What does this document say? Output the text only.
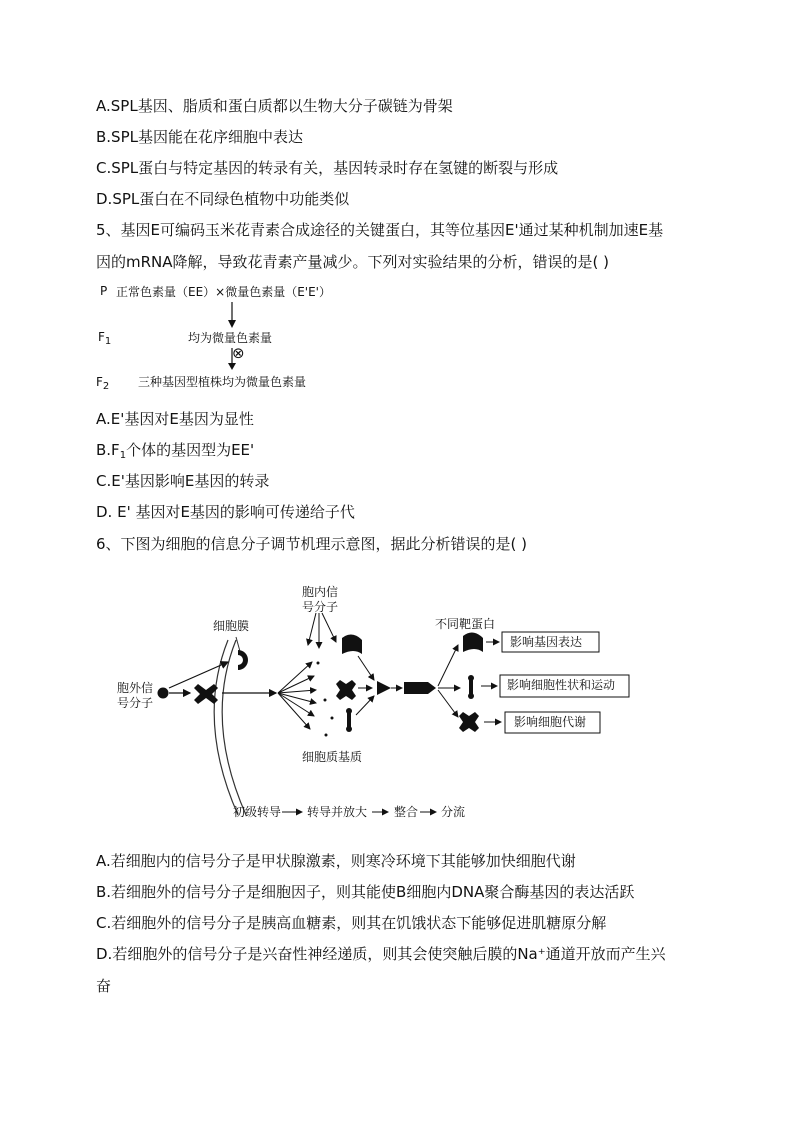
A.SPL基因、脂质和蛋白质都以生物大分子碳链为骨架
B.SPL基因能在花序细胞中表达
C.SPL蛋白与特定基因的转录有关，基因转录时存在氢键的断裂与形成
D.SPL蛋白在不同绿色植物中功能类似
5、基因E可编码玉米花青素合成途径的关键蛋白，其等位基因E'通过某种机制加速E基
因的mRNA降解，导致花青素产量减少。下列对实验结果的分析，错误的是( )
P 正常色素量（EE）×微量色素量（E'E'）
$F_1$	均为微量色素量
⊗
$F_2$ 三种基因型植株均为微量色素量
A.E'基因对E基因为显性
$B.F_1$个体的基因型为EE'
C.E'基因影响E基因的转录
D. E' 基因对E基因的影响可传递给子代
6、下图为细胞的信息分子调节机理示意图，据此分析错误的是( )
细胞膜
胞内信
号分子
胞外信
号分子
不同靶蛋白
细胞质基质
影响基因表达
影响细胞性状和运动
影响细胞代谢
初级转导 转导并放大 整合 分流
A.若细胞内的信号分子是甲状腺激素，则寒冷环境下其能够加快细胞代谢
B.若细胞外的信号分子是细胞因子，则其能使B细胞内DNA聚合酶基因的表达活跃
C.若细胞外的信号分子是胰高血糖素，则其在饥饿状态下能够促进肌糖原分解
D.若细胞外的信号分子是兴奋性神经递质，则其会使突触后膜的Na⁺通道开放而产生兴
奋
